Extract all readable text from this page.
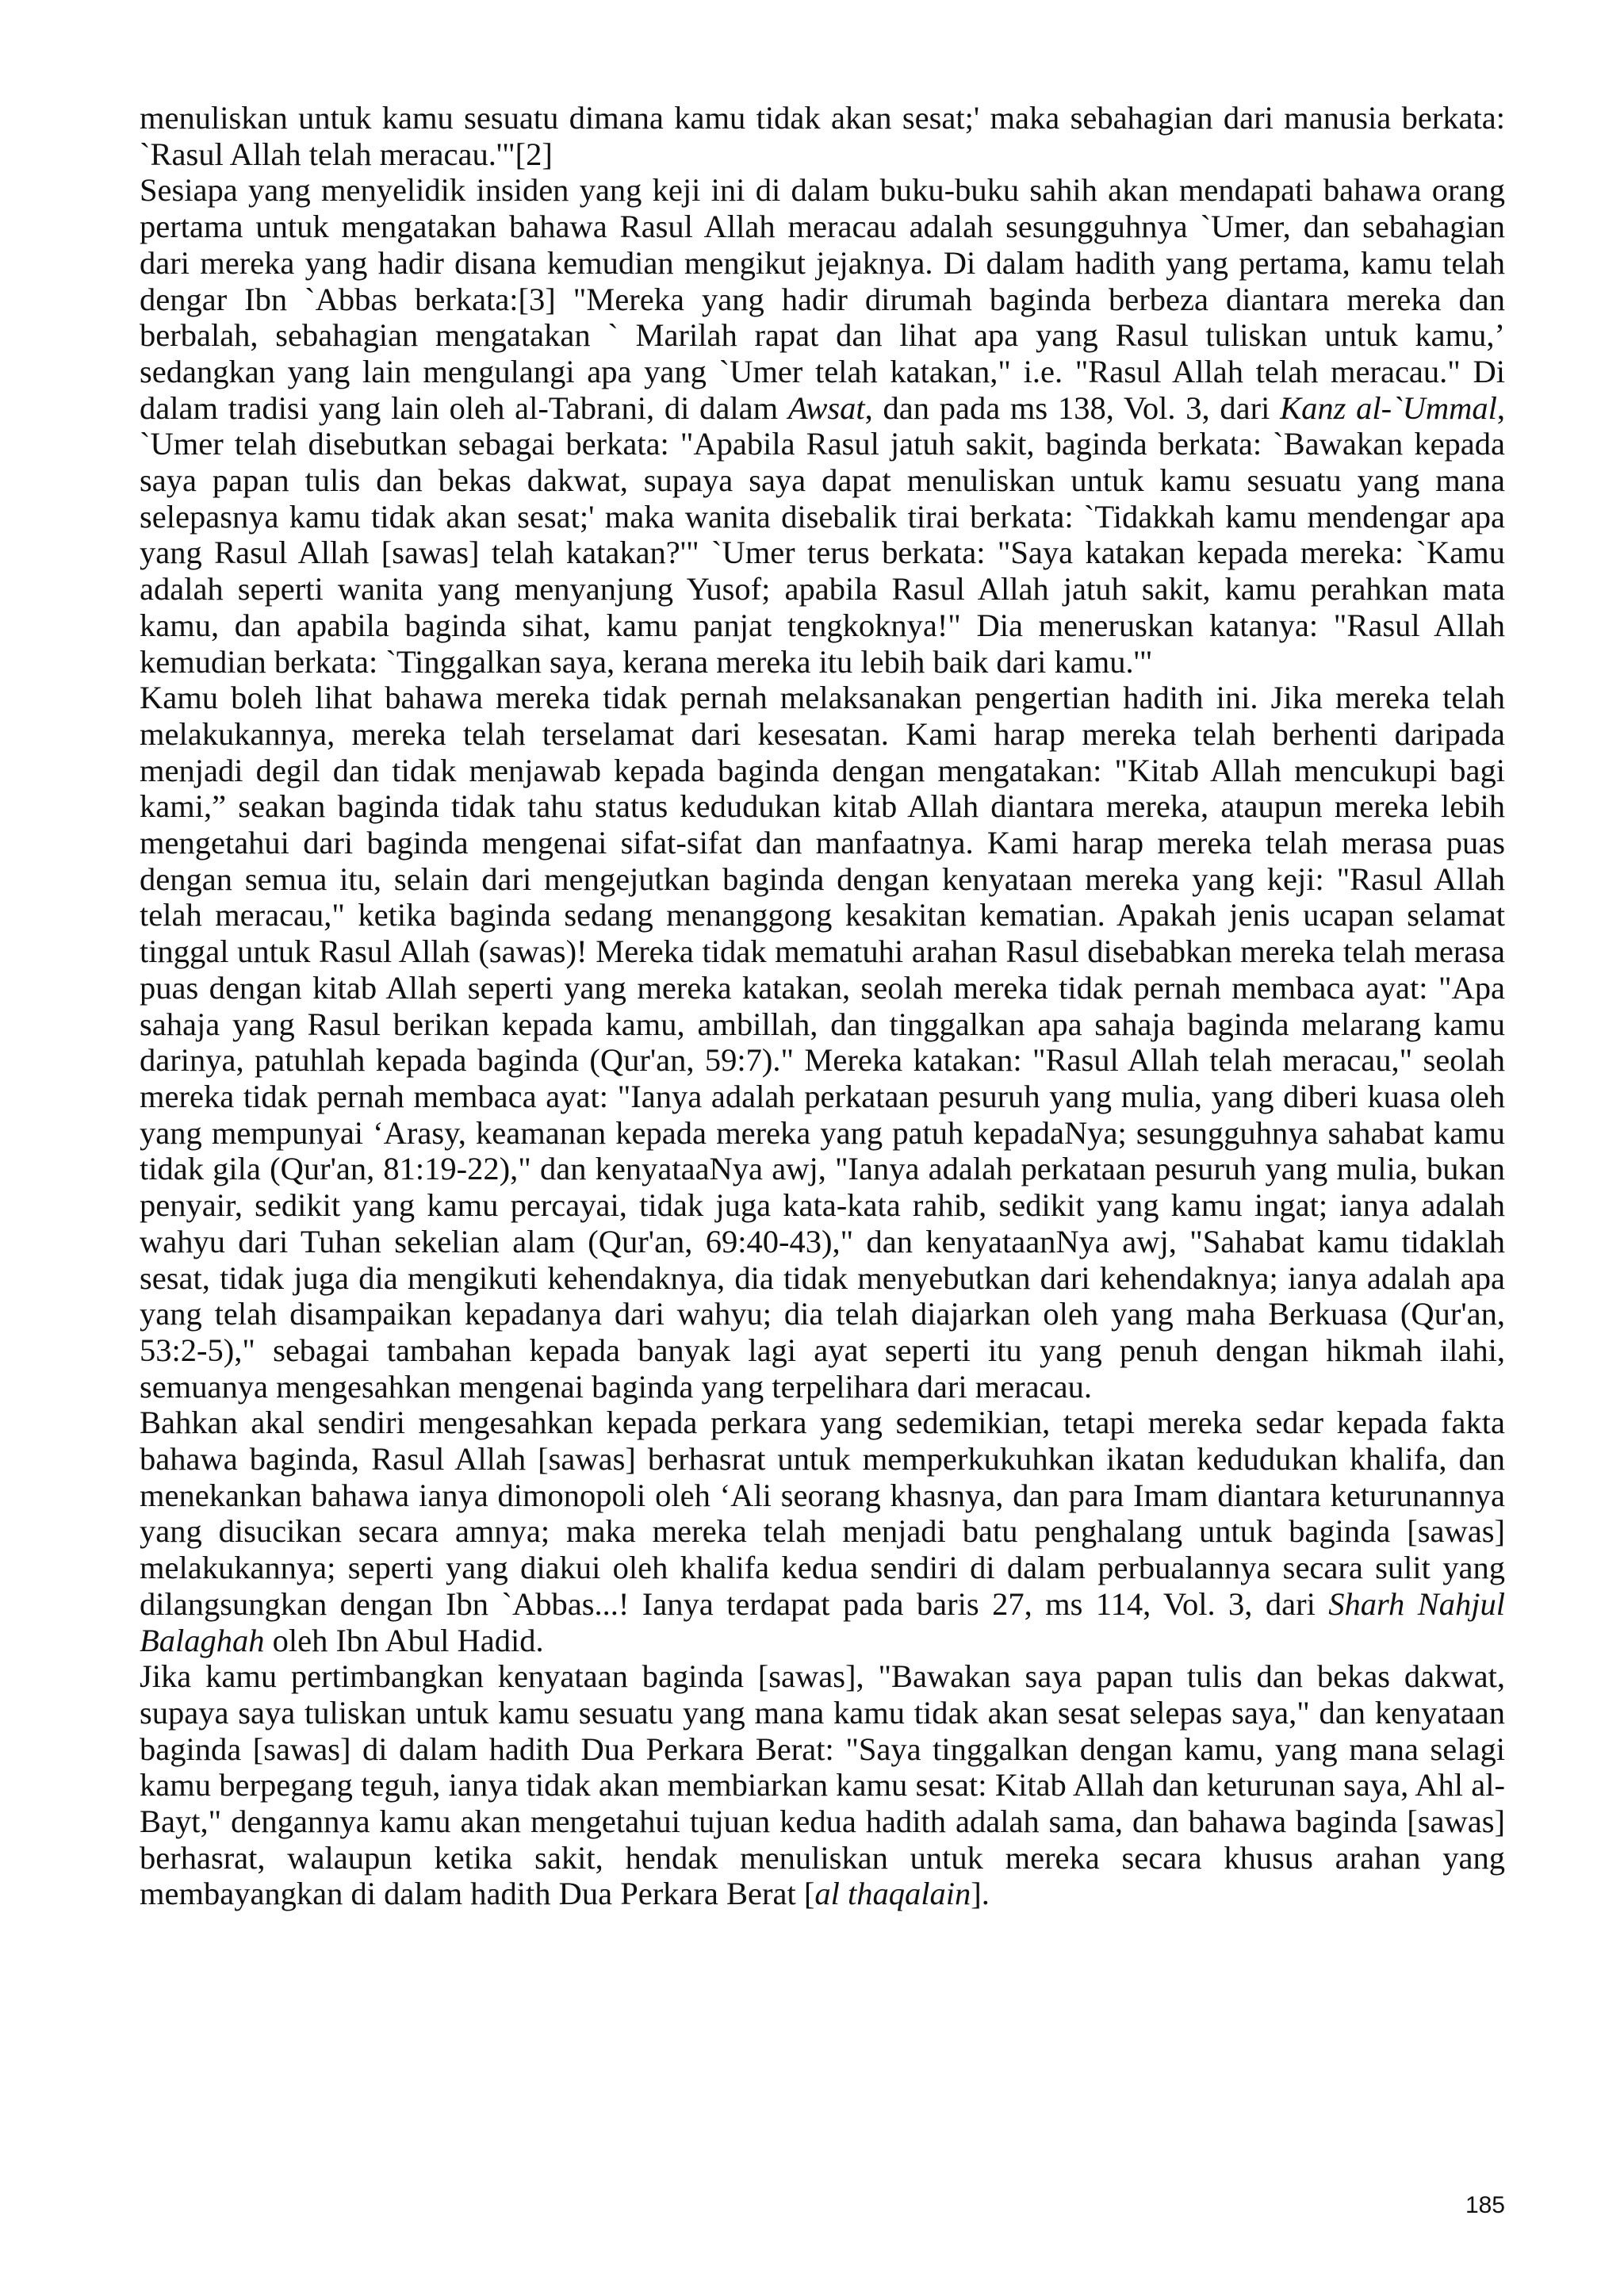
menuliskan untuk kamu sesuatu dimana kamu tidak akan sesat;' maka sebahagian dari manusia berkata: `Rasul Allah telah meracau.'"[2]

Sesiapa yang menyelidik insiden yang keji ini di dalam buku-buku sahih akan mendapati bahawa orang pertama untuk mengatakan bahawa Rasul Allah meracau adalah sesungguhnya `Umer, dan sebahagian dari mereka yang hadir disana kemudian mengikut jejaknya. Di dalam hadith yang pertama, kamu telah dengar Ibn `Abbas berkata:[3] "Mereka yang hadir dirumah baginda berbeza diantara mereka dan berbalah, sebahagian mengatakan ` Marilah rapat dan lihat apa yang Rasul tuliskan untuk kamu,’ sedangkan yang lain mengulangi apa yang `Umer telah katakan," i.e. "Rasul Allah telah meracau." Di dalam tradisi yang lain oleh al-Tabrani, di dalam Awsat, dan pada ms 138, Vol. 3, dari Kanz al-`Ummal, `Umer telah disebutkan sebagai berkata: "Apabila Rasul jatuh sakit, baginda berkata: `Bawakan kepada saya papan tulis dan bekas dakwat, supaya saya dapat menuliskan untuk kamu sesuatu yang mana selepasnya kamu tidak akan sesat;' maka wanita disebalik tirai berkata: `Tidakkah kamu mendengar apa yang Rasul Allah [sawas] telah katakan?'" `Umer terus berkata: "Saya katakan kepada mereka: `Kamu adalah seperti wanita yang menyanjung Yusof; apabila Rasul Allah jatuh sakit, kamu perahkan mata kamu, dan apabila baginda sihat, kamu panjat tengkoknya!" Dia meneruskan katanya: "Rasul Allah kemudian berkata: `Tinggalkan saya, kerana mereka itu lebih baik dari kamu.'"

Kamu boleh lihat bahawa mereka tidak pernah melaksanakan pengertian hadith ini. Jika mereka telah melakukannya, mereka telah terselamat dari kesesatan. Kami harap mereka telah berhenti daripada menjadi degil dan tidak menjawab kepada baginda dengan mengatakan: "Kitab Allah mencukupi bagi kami,” seakan baginda tidak tahu status kedudukan kitab Allah diantara mereka, ataupun mereka lebih mengetahui dari baginda mengenai sifat-sifat dan manfaatnya. Kami harap mereka telah merasa puas dengan semua itu, selain dari mengejutkan baginda dengan kenyataan mereka yang keji: "Rasul Allah telah meracau," ketika baginda sedang menanggong kesakitan kematian. Apakah jenis ucapan selamat tinggal untuk Rasul Allah (sawas)! Mereka tidak mematuhi arahan Rasul disebabkan mereka telah merasa puas dengan kitab Allah seperti yang mereka katakan, seolah mereka tidak pernah membaca ayat: "Apa sahaja yang Rasul berikan kepada kamu, ambillah, dan tinggalkan apa sahaja baginda melarang kamu darinya, patuhlah kepada baginda (Qur'an, 59:7)." Mereka katakan: "Rasul Allah telah meracau," seolah mereka tidak pernah membaca ayat: "Ianya adalah perkataan pesuruh yang mulia, yang diberi kuasa oleh yang mempunyai ‘Arasy, keamanan kepada mereka yang patuh kepadaNya; sesungguhnya sahabat kamu tidak gila (Qur'an, 81:19-22)," dan kenyataaNya awj, "Ianya adalah perkataan pesuruh yang mulia, bukan penyair, sedikit yang kamu percayai, tidak juga kata-kata rahib, sedikit yang kamu ingat; ianya adalah wahyu dari Tuhan sekelian alam (Qur'an, 69:40-43)," dan kenyataanNya awj, "Sahabat kamu tidaklah sesat, tidak juga dia mengikuti kehendaknya, dia tidak menyebutkan dari kehendaknya; ianya adalah apa yang telah disampaikan kepadanya dari wahyu; dia telah diajarkan oleh yang maha Berkuasa (Qur'an, 53:2-5)," sebagai tambahan kepada banyak lagi ayat seperti itu yang penuh dengan hikmah ilahi, semuanya mengesahkan mengenai baginda yang terpelihara dari meracau.

Bahkan akal sendiri mengesahkan kepada perkara yang sedemikian, tetapi mereka sedar kepada fakta bahawa baginda, Rasul Allah [sawas] berhasrat untuk memperkukuhkan ikatan kedudukan khalifa, dan menekankan bahawa ianya dimonopoli oleh ‘Ali seorang khasnya, dan para Imam diantara keturunannya yang disucikan secara amnya; maka mereka telah menjadi batu penghalang untuk baginda [sawas] melakukannya; seperti yang diakui oleh khalifa kedua sendiri di dalam perbualannya secara sulit yang dilangsungkan dengan Ibn `Abbas...! Ianya terdapat pada baris 27, ms 114, Vol. 3, dari Sharh Nahjul Balaghah oleh Ibn Abul Hadid.

Jika kamu pertimbangkan kenyataan baginda [sawas], "Bawakan saya papan tulis dan bekas dakwat, supaya saya tuliskan untuk kamu sesuatu yang mana kamu tidak akan sesat selepas saya," dan kenyataan baginda [sawas] di dalam hadith Dua Perkara Berat: "Saya tinggalkan dengan kamu, yang mana selagi kamu berpegang teguh, ianya tidak akan membiarkan kamu sesat: Kitab Allah dan keturunan saya, Ahl al-Bayt," dengannya kamu akan mengetahui tujuan kedua hadith adalah sama, dan bahawa baginda [sawas] berhasrat, walaupun ketika sakit, hendak menuliskan untuk mereka secara khusus arahan yang membayangkan di dalam hadith Dua Perkara Berat [al thaqalain].

185
